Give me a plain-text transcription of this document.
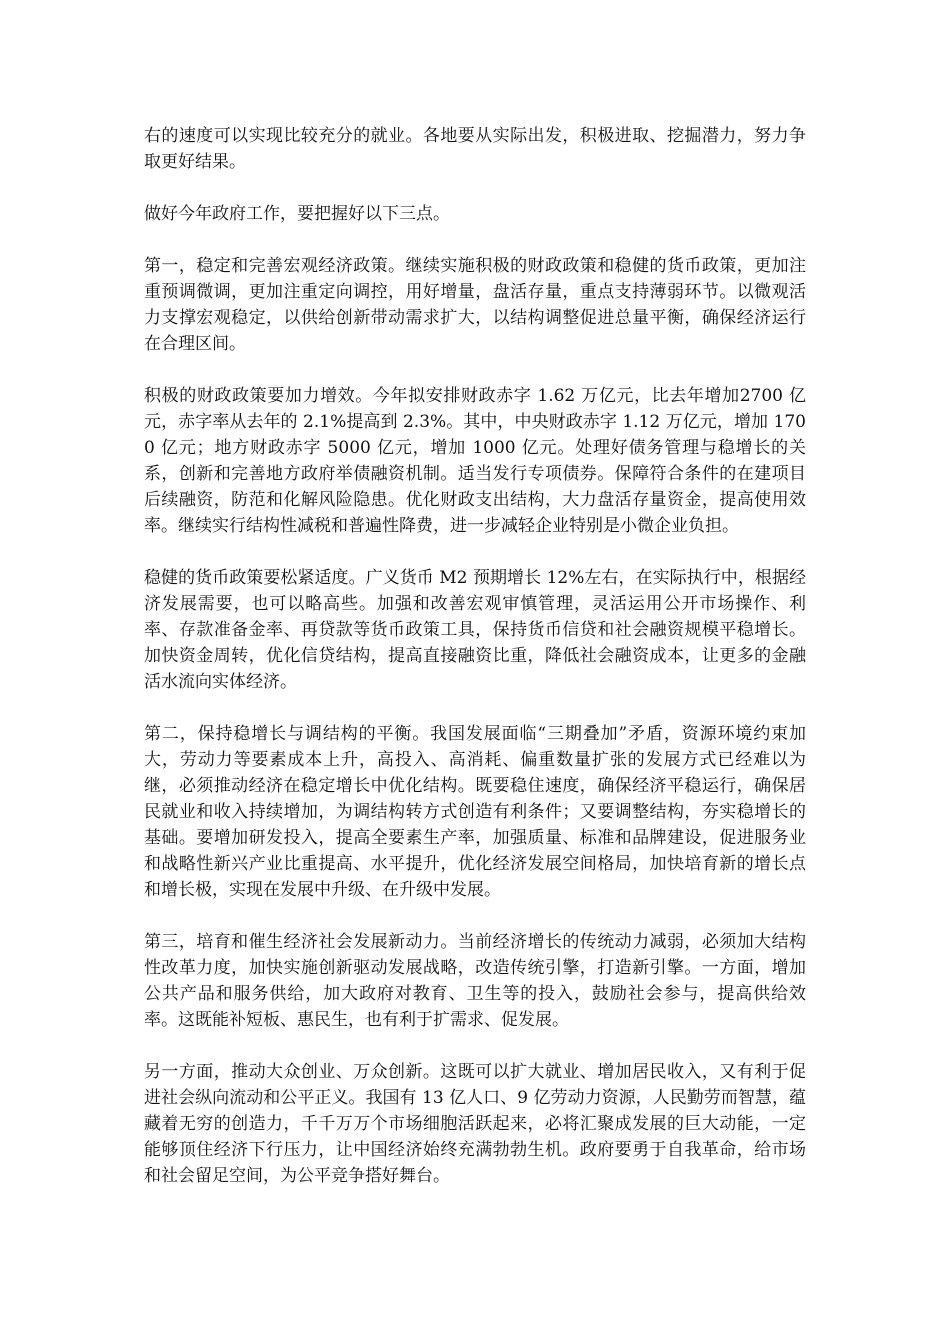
右的速度可以实现比较充分的就业。各地要从实际出发，积极进取、挖掘潜力，努力争取更好结果。

做好今年政府工作，要把握好以下三点。

第一，稳定和完善宏观经济政策。继续实施积极的财政政策和稳健的货币政策，更加注重预调微调，更加注重定向调控，用好增量，盘活存量，重点支持薄弱环节。以微观活力支撑宏观稳定，以供给创新带动需求扩大，以结构调整促进总量平衡，确保经济运行在合理区间。

积极的财政政策要加力增效。今年拟安排财政赤字 1.62 万亿元，比去年增加2700 亿元，赤字率从去年的 2.1%提高到 2.3%。其中，中央财政赤字 1.12 万亿元，增加 1700 亿元；地方财政赤字 5000 亿元，增加 1000 亿元。处理好债务管理与稳增长的关系，创新和完善地方政府举债融资机制。适当发行专项债券。保障符合条件的在建项目后续融资，防范和化解风险隐患。优化财政支出结构，大力盘活存量资金，提高使用效率。继续实行结构性减税和普遍性降费，进一步减轻企业特别是小微企业负担。

稳健的货币政策要松紧适度。广义货币 M2 预期增长 12%左右，在实际执行中，根据经济发展需要，也可以略高些。加强和改善宏观审慎管理，灵活运用公开市场操作、利率、存款准备金率、再贷款等货币政策工具，保持货币信贷和社会融资规模平稳增长。加快资金周转，优化信贷结构，提高直接融资比重，降低社会融资成本，让更多的金融活水流向实体经济。

第二，保持稳增长与调结构的平衡。我国发展面临“三期叠加”矛盾，资源环境约束加大，劳动力等要素成本上升，高投入、高消耗、偏重数量扩张的发展方式已经难以为继，必须推动经济在稳定增长中优化结构。既要稳住速度，确保经济平稳运行，确保居民就业和收入持续增加，为调结构转方式创造有利条件；又要调整结构，夯实稳增长的基础。要增加研发投入，提高全要素生产率，加强质量、标准和品牌建设，促进服务业和战略性新兴产业比重提高、水平提升，优化经济发展空间格局，加快培育新的增长点和增长极，实现在发展中升级、在升级中发展。

第三，培育和催生经济社会发展新动力。当前经济增长的传统动力减弱，必须加大结构性改革力度，加快实施创新驱动发展战略，改造传统引擎，打造新引擎。一方面，增加公共产品和服务供给，加大政府对教育、卫生等的投入，鼓励社会参与，提高供给效率。这既能补短板、惠民生，也有利于扩需求、促发展。

另一方面，推动大众创业、万众创新。这既可以扩大就业、增加居民收入，又有利于促进社会纵向流动和公平正义。我国有 13 亿人口、9 亿劳动力资源，人民勤劳而智慧，蕴藏着无穷的创造力，千千万万个市场细胞活跃起来，必将汇聚成发展的巨大动能，一定能够顶住经济下行压力，让中国经济始终充满勃勃生机。政府要勇于自我革命，给市场和社会留足空间，为公平竞争搭好舞台。
